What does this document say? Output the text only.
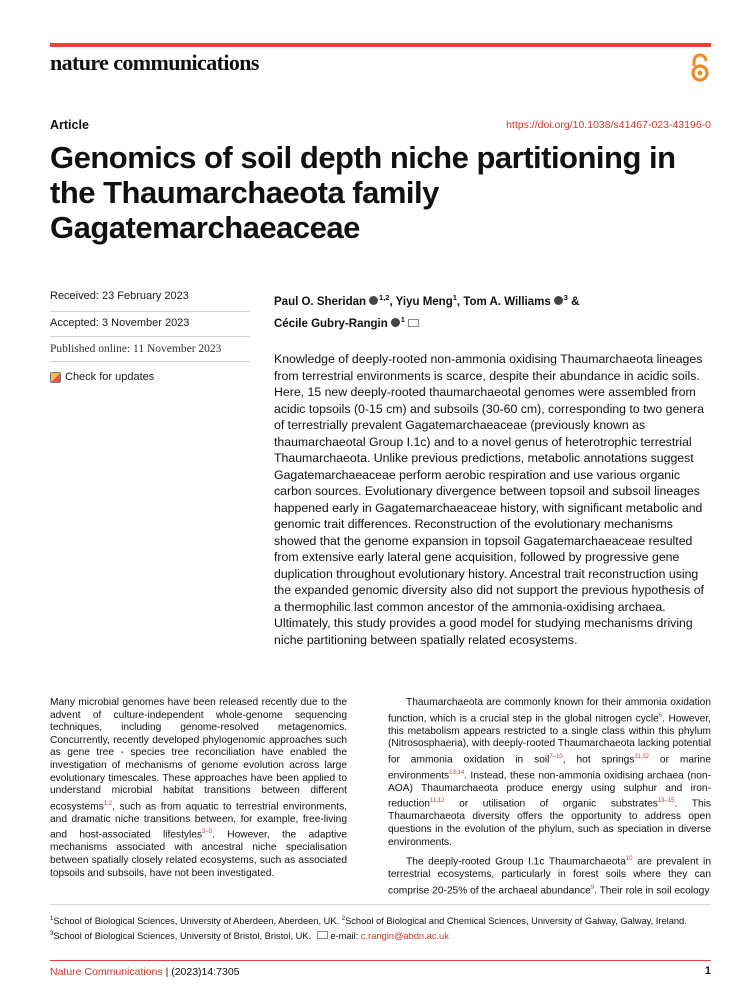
nature communications
Article	https://doi.org/10.1038/s41467-023-43196-0
Genomics of soil depth niche partitioning in the Thaumarchaeota family Gagatemarchaeaceae
Received: 23 February 2023
Accepted: 3 November 2023
Published online: 11 November 2023
Check for updates
Paul O. Sheridan $^{1,2}$, Yiyu Meng$^1$, Tom A. Williams $^3$ &
Cécile Gubry-Rangin $^1$

Knowledge of deeply-rooted non-ammonia oxidising Thaumarchaeota lineages from terrestrial environments is scarce, despite their abundance in acidic soils. Here, 15 new deeply-rooted thaumarchaeotal genomes were assembled from acidic topsoils (0-15 cm) and subsoils (30-60 cm), corresponding to two genera of terrestrially prevalent Gagatemarchaeaceae (previously known as thaumarchaeotal Group I.1c) and to a novel genus of heterotrophic terrestrial Thaumarchaeota. Unlike previous predictions, metabolic annotations suggest Gagatemarchaeaceae perform aerobic respiration and use various organic carbon sources. Evolutionary divergence between topsoil and subsoil lineages happened early in Gagatemarchaeaceae history, with significant metabolic and genomic trait differences. Reconstruction of the evolutionary mechanisms showed that the genome expansion in topsoil Gagatemarchaeaceae resulted from extensive early lateral gene acquisition, followed by progressive gene duplication throughout evolutionary history. Ancestral trait reconstruction using the expanded genomic diversity also did not support the previous hypothesis of a thermophilic last common ancestor of the ammonia-oxidising archaea. Ultimately, this study provides a good model for studying mechanisms driving niche partitioning between spatially related ecosystems.

Many microbial genomes have been released recently due to the advent of culture-independent whole-genome sequencing techniques, including genome-resolved metagenomics. Concurrently, recently developed phylogenomic approaches such as gene tree - species tree reconciliation have enabled the investigation of mechanisms of genome evolution across large evolutionary timescales. These approaches have been applied to understand microbial habitat transitions between different ecosystems$^{1,2}$, such as from aquatic to terrestrial environments, and dramatic niche transitions between, for example, free-living and host-associated lifestyles$^{3-5}$. However, the adaptive mechanisms associated with ancestral niche specialisation between spatially closely related ecosystems, such as associated topsoils and subsoils, have not been investigated.

Thaumarchaeota are commonly known for their ammonia oxidation function, which is a crucial step in the global nitrogen cycle$^6$. However, this metabolism appears restricted to a single class within this phylum (Nitrososphaeria), with deeply-rooted Thaumarchaeota lacking potential for ammonia oxidation in soil$^{7-10}$, hot springs$^{11,12}$ or marine environments$^{13,14}$. Instead, these non-ammonia oxidising archaea (non-AOA) Thaumarchaeota produce energy using sulphur and iron-reduction$^{11,12}$ or utilisation of organic substrates$^{13-15}$. This Thaumarchaeota diversity offers the opportunity to address open questions in the evolution of the phylum, such as speciation in diverse environments.

The deeply-rooted Group I.1c Thaumarchaeota$^{10}$ are prevalent in terrestrial ecosystems, particularly in forest soils where they can comprise 20-25% of the archaeal abundance$^9$. Their role in soil ecology

$^1$School of Biological Sciences, University of Aberdeen, Aberdeen, UK. $^2$School of Biological and Chemical Sciences, University of Galway, Galway, Ireland.
$^3$School of Biological Sciences, University of Bristol, Bristol, UK. e-mail: c.rangin@abdn.ac.uk
Nature Communications | (2023)14:7305	1
